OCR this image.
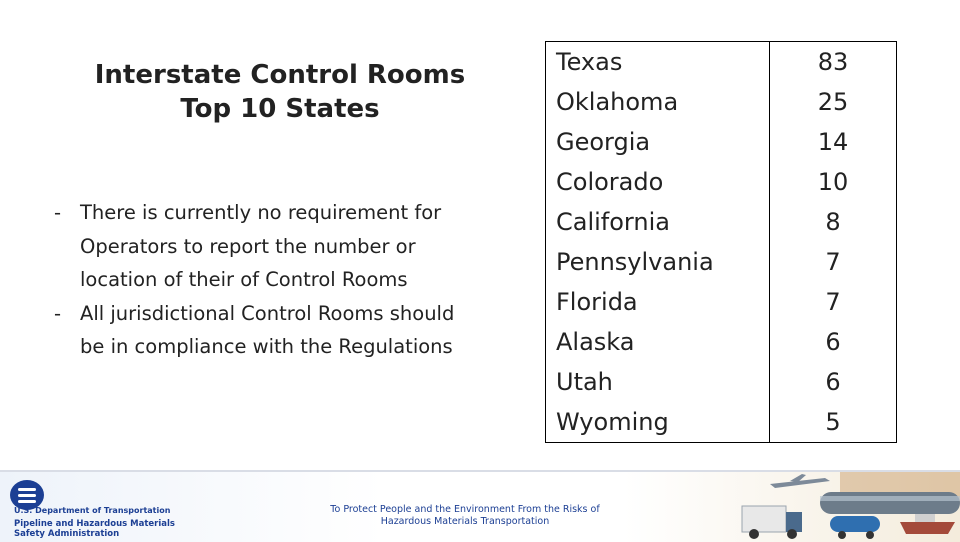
Interstate Control Rooms
Top 10 States
- There is currently no requirement for Operators to report the number or location of their of Control Rooms
- All jurisdictional Control Rooms should be in compliance with the Regulations
Texas	83
Oklahoma	25
Georgia	14
Colorado	10
California	8
Pennsylvania	7
Florida	7
Alaska	6
Utah	6
Wyoming	5
U.S. Department of Transportation
Pipeline and Hazardous Materials
Safety Administration
To Protect People and the Environment From the Risks of
Hazardous Materials Transportation
